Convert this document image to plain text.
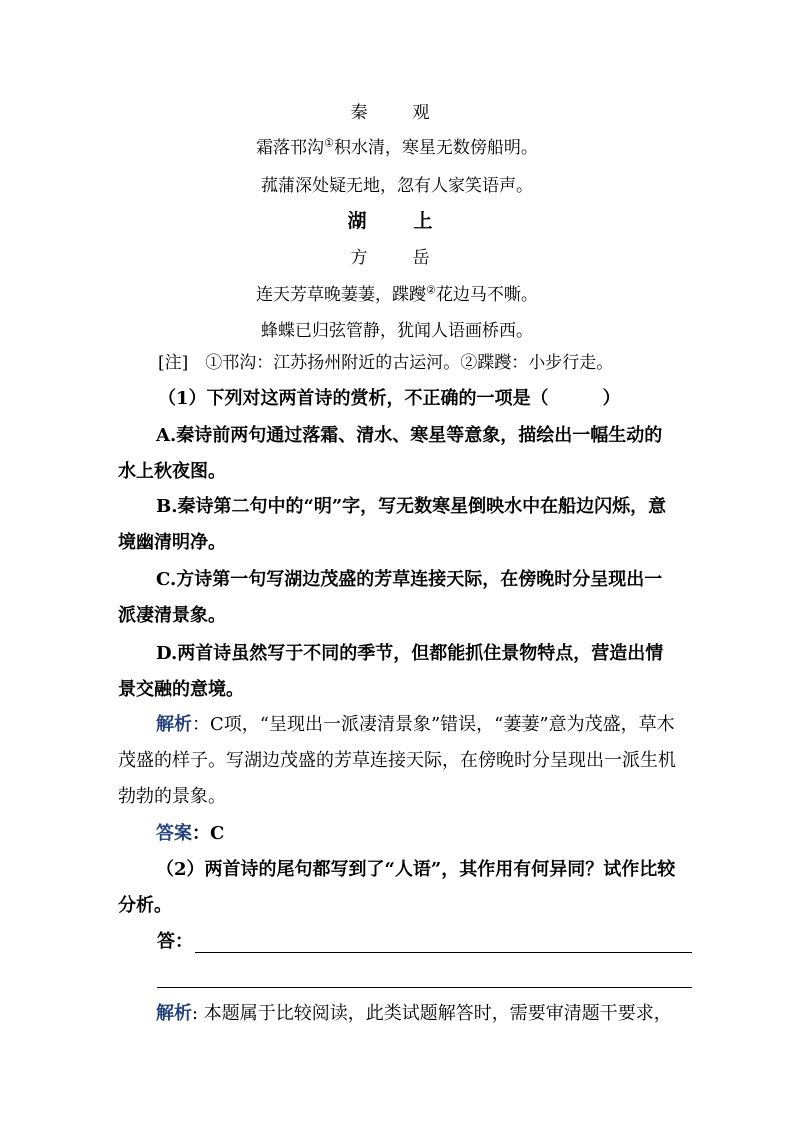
秦　观
霜落邗沟①积水清，寒星无数傍船明。
菰蒲深处疑无地，忽有人家笑语声。
湖　上
方　岳
连天芳草晚萋萋，蹀躞②花边马不嘶。
蜂蝶已归弦管静，犹闻人语画桥西。
[注]　①邗沟：江苏扬州附近的古运河。②蹀躞：小步行走。
（1）下列对这两首诗的赏析，不正确的一项是（　　　）
A.秦诗前两句通过落霜、清水、寒星等意象，描绘出一幅生动的水上秋夜图。
B.秦诗第二句中的“明”字，写无数寒星倒映水中在船边闪烁，意境幽清明净。
C.方诗第一句写湖边茂盛的芳草连接天际，在傍晚时分呈现出一派凄清景象。
D.两首诗虽然写于不同的季节，但都能抓住景物特点，营造出情景交融的意境。
解析：C项，“呈现出一派凄清景象”错误，“萋萋”意为茂盛，草木茂盛的样子。写湖边茂盛的芳草连接天际，在傍晚时分呈现出一派生机勃勃的景象。
答案：C
（2）两首诗的尾句都写到了“人语”，其作用有何异同？试作比较分析。
答：
解析: 本题属于比较阅读，此类试题解答时，需要审清题干要求，
